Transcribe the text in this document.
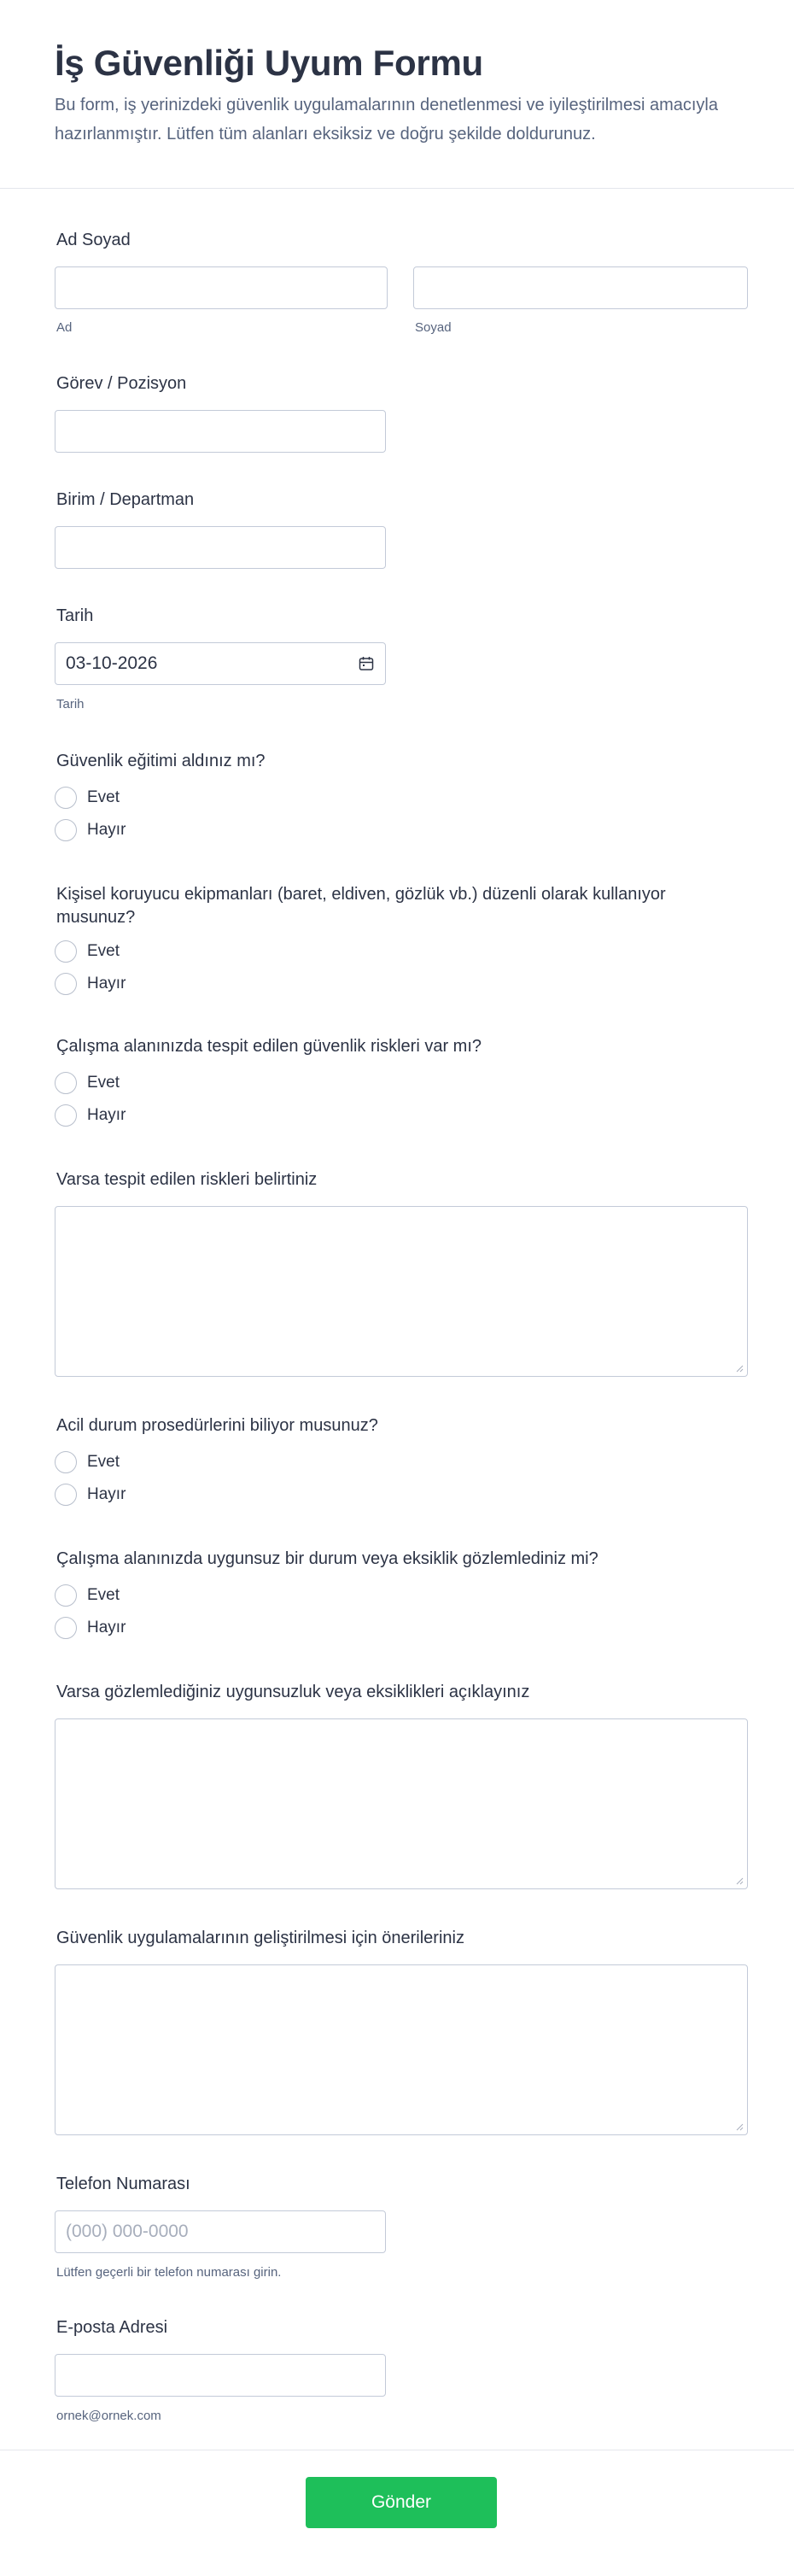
İş Güvenliği Uyum Formu
Bu form, iş yerinizdeki güvenlik uygulamalarının denetlenmesi ve iyileştirilmesi amacıyla hazırlanmıştır. Lütfen tüm alanları eksiksiz ve doğru şekilde doldurunuz.
Ad Soyad
Ad	Soyad
Görev / Pozisyon
Birim / Departman
Tarih
03-10-2026
Tarih
Güvenlik eğitimi aldınız mı?
Evet
Hayır
Kişisel koruyucu ekipmanları (baret, eldiven, gözlük vb.) düzenli olarak kullanıyor musunuz?
Evet
Hayır
Çalışma alanınızda tespit edilen güvenlik riskleri var mı?
Evet
Hayır
Varsa tespit edilen riskleri belirtiniz
Acil durum prosedürlerini biliyor musunuz?
Evet
Hayır
Çalışma alanınızda uygunsuz bir durum veya eksiklik gözlemlediniz mi?
Evet
Hayır
Varsa gözlemlediğiniz uygunsuzluk veya eksiklikleri açıklayınız
Güvenlik uygulamalarının geliştirilmesi için önerileriniz
Telefon Numarası
(000) 000-0000
Lütfen geçerli bir telefon numarası girin.
E-posta Adresi
ornek@ornek.com
Gönder
